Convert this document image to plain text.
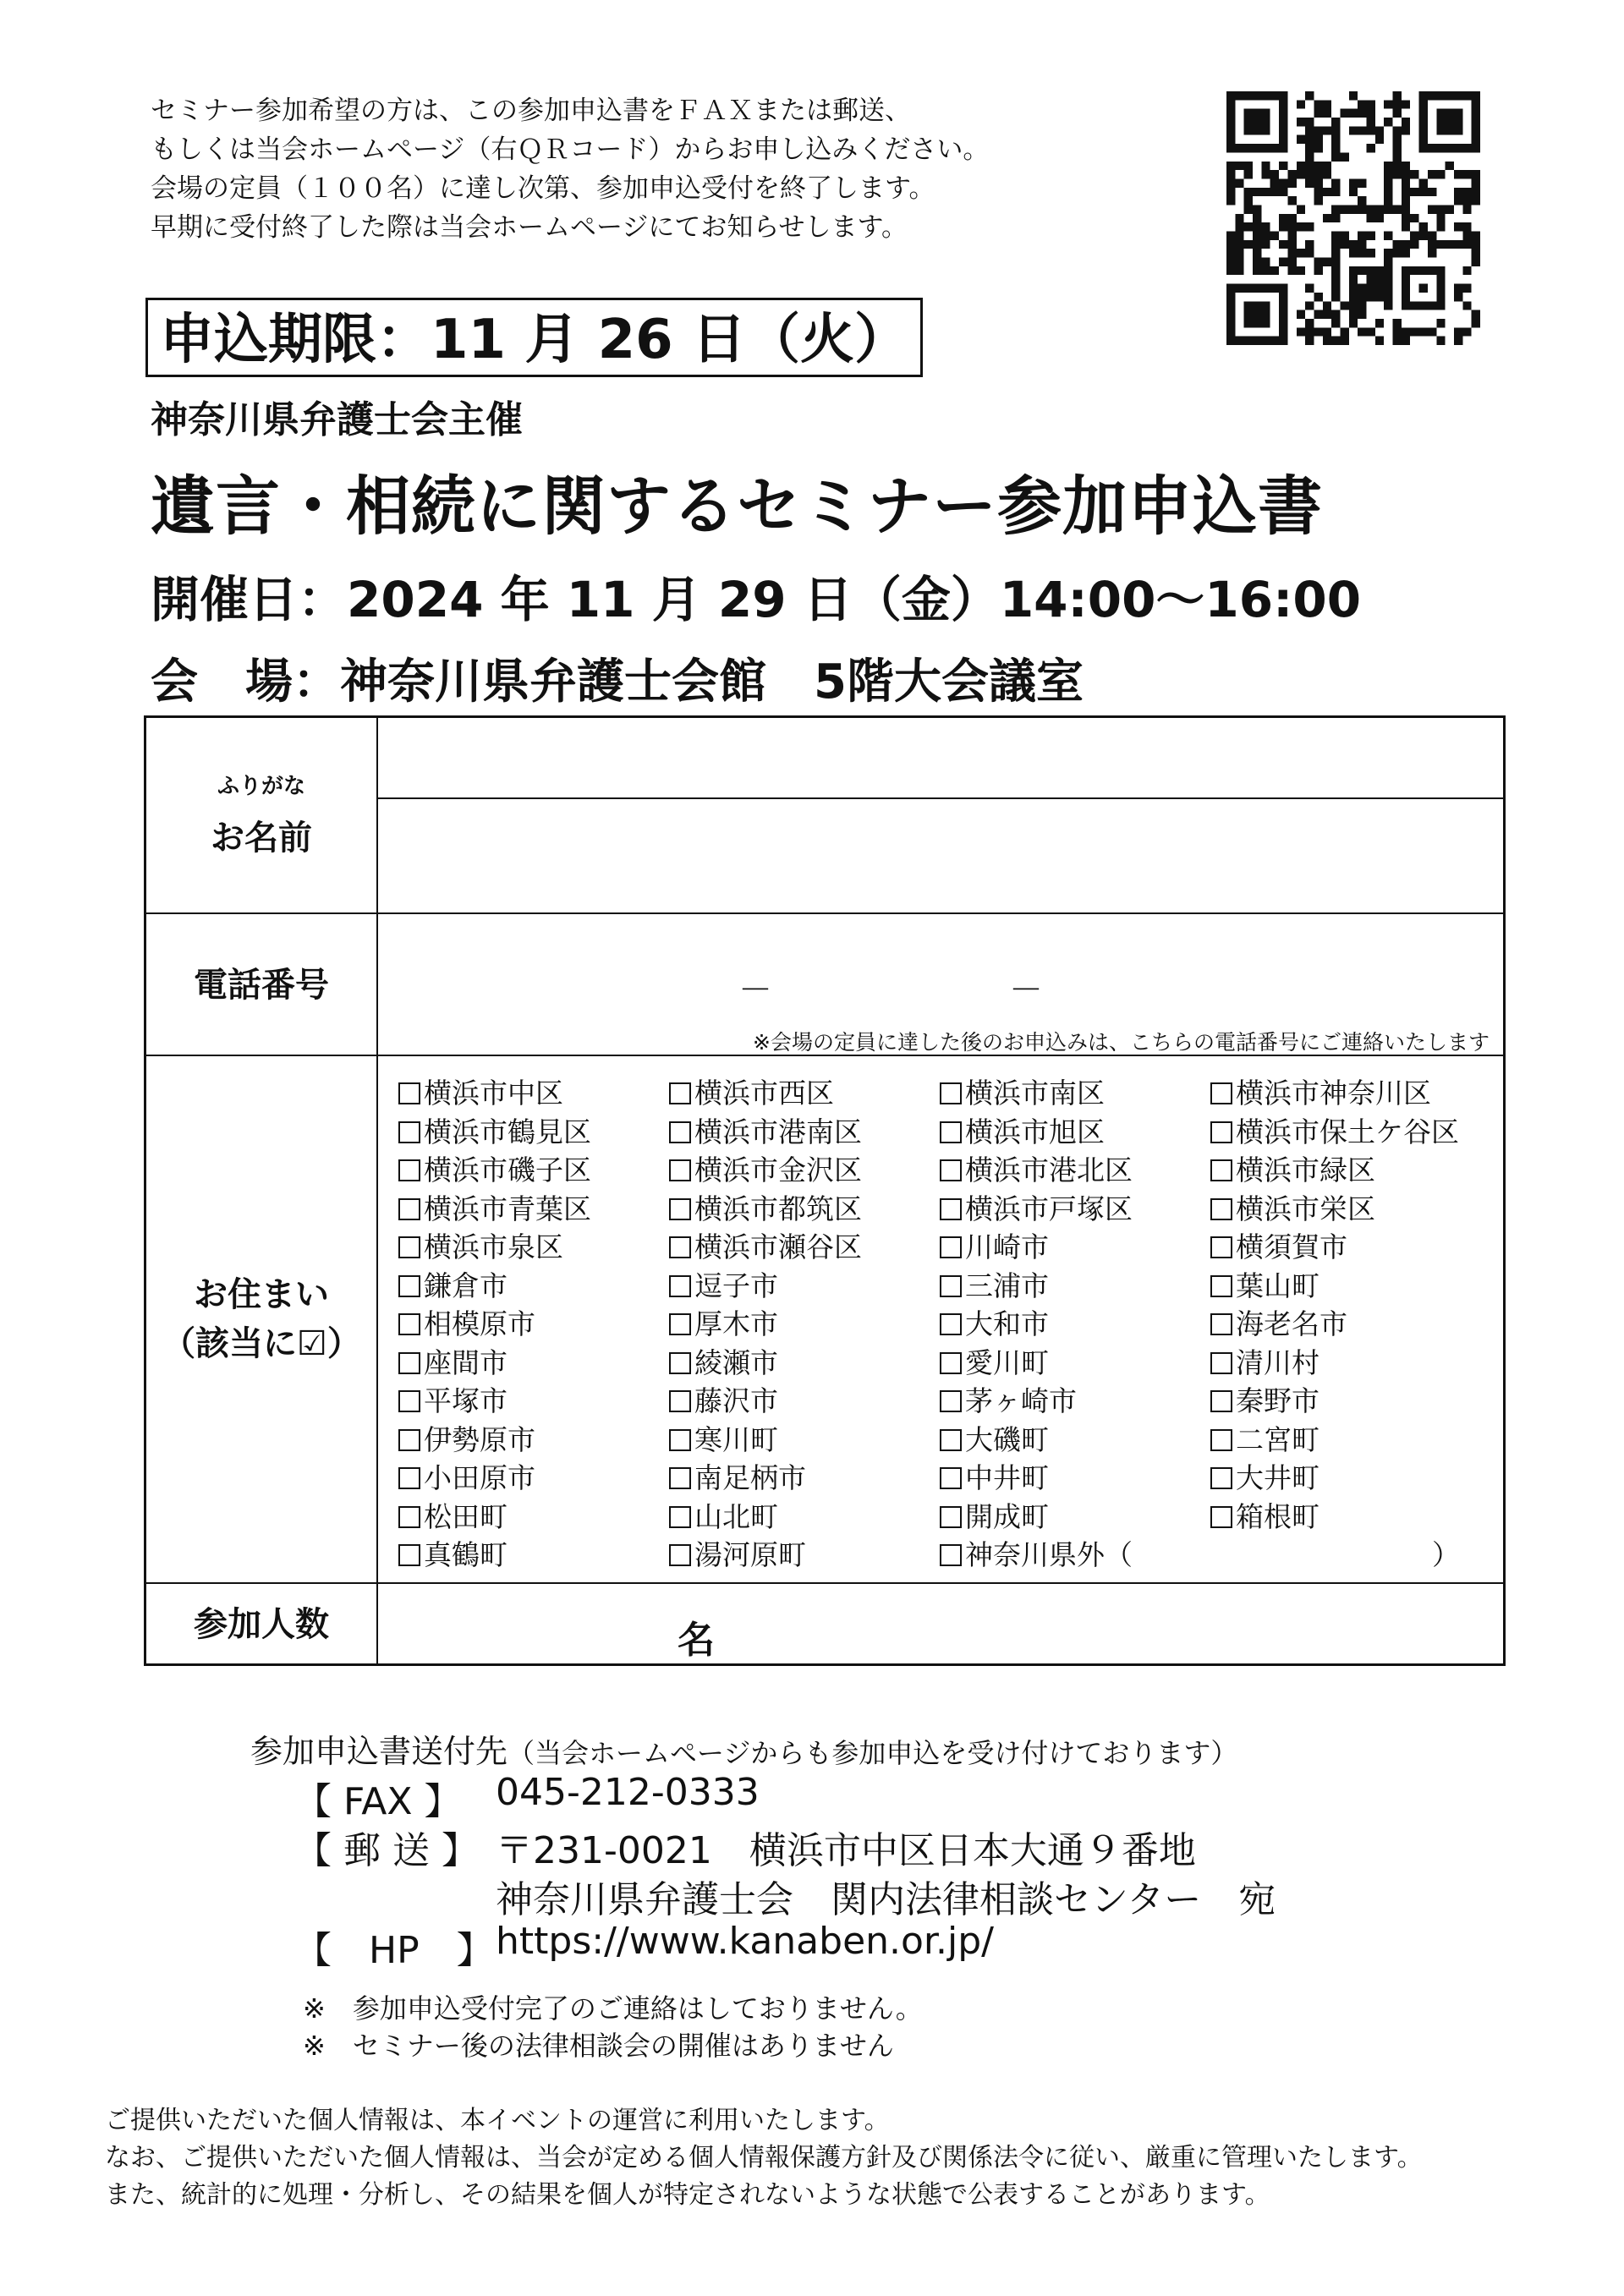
セミナー参加希望の方は、この参加申込書をＦＡＸまたは郵送、
もしくは当会ホームページ（右ＱＲコード）からお申し込みください。
会場の定員（１００名）に達し次第、参加申込受付を終了します。
早期に受付終了した際は当会ホームページにてお知らせします。
申込期限：11 月 26 日（火）
神奈川県弁護士会主催
遺言・相続に関するセミナー参加申込書
開催日：2024 年 11 月 29 日（金）14:00～16:00
会　場：神奈川県弁護士会館　5階大会議室
ふりがな
お名前
電話番号	－	－
※会場の定員に達した後のお申込みは、こちらの電話番号にご連絡いたします
お住まい
（該当に☑）
横浜市中区	横浜市西区	横浜市南区	横浜市神奈川区
横浜市鶴見区	横浜市港南区	横浜市旭区	横浜市保土ケ谷区
横浜市磯子区	横浜市金沢区	横浜市港北区	横浜市緑区
横浜市青葉区	横浜市都筑区	横浜市戸塚区	横浜市栄区
横浜市泉区	横浜市瀬谷区	川崎市	横須賀市
鎌倉市	逗子市	三浦市	葉山町
相模原市	厚木市	大和市	海老名市
座間市	綾瀬市	愛川町	清川村
平塚市	藤沢市	茅ヶ崎市	秦野市
伊勢原市	寒川町	大磯町	二宮町
小田原市	南足柄市	中井町	大井町
松田町	山北町	開成町	箱根町
真鶴町	湯河原町	神奈川県外（	）
参加人数	名
参加申込書送付先（当会ホームページからも参加申込を受け付けております）
【 FAX 】 045-212-0333
【 郵 送 】 〒231-0021　横浜市中区日本大通９番地
神奈川県弁護士会　関内法律相談センター　宛
【　HP　】 https://www.kanaben.or.jp/
※　参加申込受付完了のご連絡はしておりません。
※　セミナー後の法律相談会の開催はありません
ご提供いただいた個人情報は、本イベントの運営に利用いたします。
なお、ご提供いただいた個人情報は、当会が定める個人情報保護方針及び関係法令に従い、厳重に管理いたします。
また、統計的に処理・分析し、その結果を個人が特定されないような状態で公表することがあります。
